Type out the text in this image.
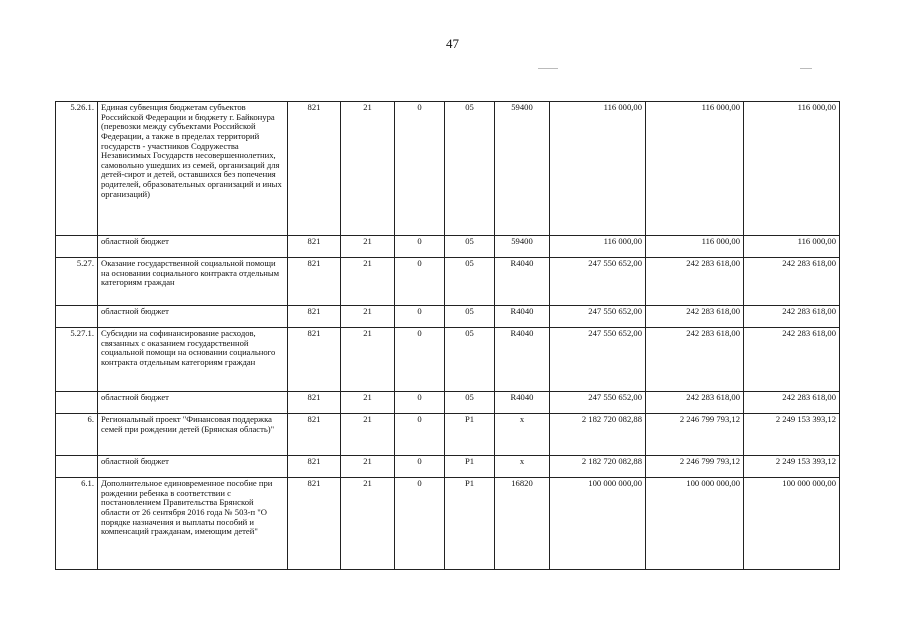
47
5.26.1.	Единая субвенция бюджетам субъектов Российской Федерации и бюджету г. Байконура (перевозки между субъектами Российской Федерации, а также в пределах территорий государств - участников Содружества Независимых Государств несовершеннолетних, самовольно ушедших из семей, организаций для детей-сирот и детей, оставшихся без попечения родителей, образовательных организаций и иных организаций)	821	21	0	05	59400	116 000,00	116 000,00	116 000,00
	областной бюджет	821	21	0	05	59400	116 000,00	116 000,00	116 000,00
5.27.	Оказание государственной социальной помощи на основании социального контракта отдельным категориям граждан	821	21	0	05	R4040	247 550 652,00	242 283 618,00	242 283 618,00
	областной бюджет	821	21	0	05	R4040	247 550 652,00	242 283 618,00	242 283 618,00
5.27.1.	Субсидии на софинансирование расходов, связанных с оказанием государственной социальной помощи на основании социального контракта отдельным категориям граждан	821	21	0	05	R4040	247 550 652,00	242 283 618,00	242 283 618,00
	областной бюджет	821	21	0	05	R4040	247 550 652,00	242 283 618,00	242 283 618,00
6.	Региональный проект "Финансовая поддержка семей при рождении детей (Брянская область)"	821	21	0	P1	x	2 182 720 082,88	2 246 799 793,12	2 249 153 393,12
	областной бюджет	821	21	0	P1	x	2 182 720 082,88	2 246 799 793,12	2 249 153 393,12
6.1.	Дополнительное единовременное пособие при рождении ребенка в соответствии с постановлением Правительства Брянской области от 26 сентября 2016 года № 503-п "О порядке назначения и выплаты пособий и компенсаций гражданам, имеющим детей"	821	21	0	P1	16820	100 000 000,00	100 000 000,00	100 000 000,00
